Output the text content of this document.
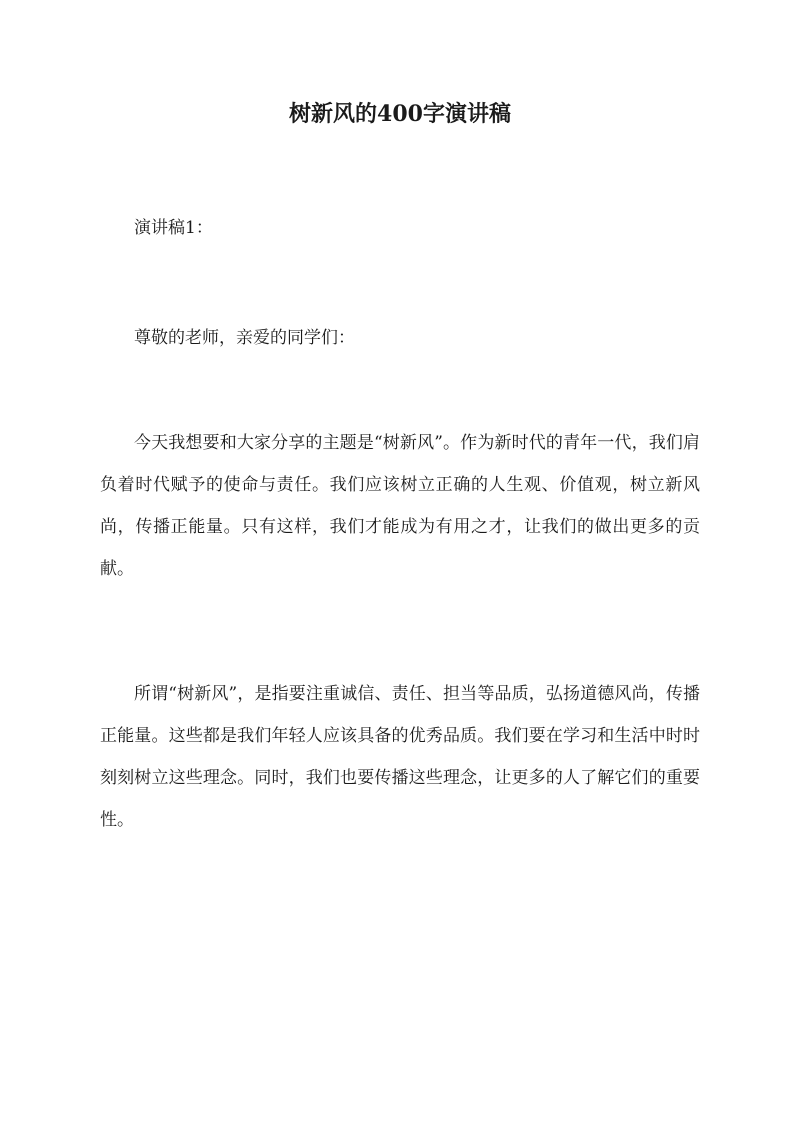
树新风的400字演讲稿

演讲稿1：

尊敬的老师，亲爱的同学们：

今天我想要和大家分享的主题是“树新风”。作为新时代的青年一代，我们肩负着时代赋予的使命与责任。我们应该树立正确的人生观、价值观，树立新风尚，传播正能量。只有这样，我们才能成为有用之才，让我们的做出更多的贡献。

所谓“树新风”，是指要注重诚信、责任、担当等品质，弘扬道德风尚，传播正能量。这些都是我们年轻人应该具备的优秀品质。我们要在学习和生活中时时刻刻树立这些理念。同时，我们也要传播这些理念，让更多的人了解它们的重要性。
